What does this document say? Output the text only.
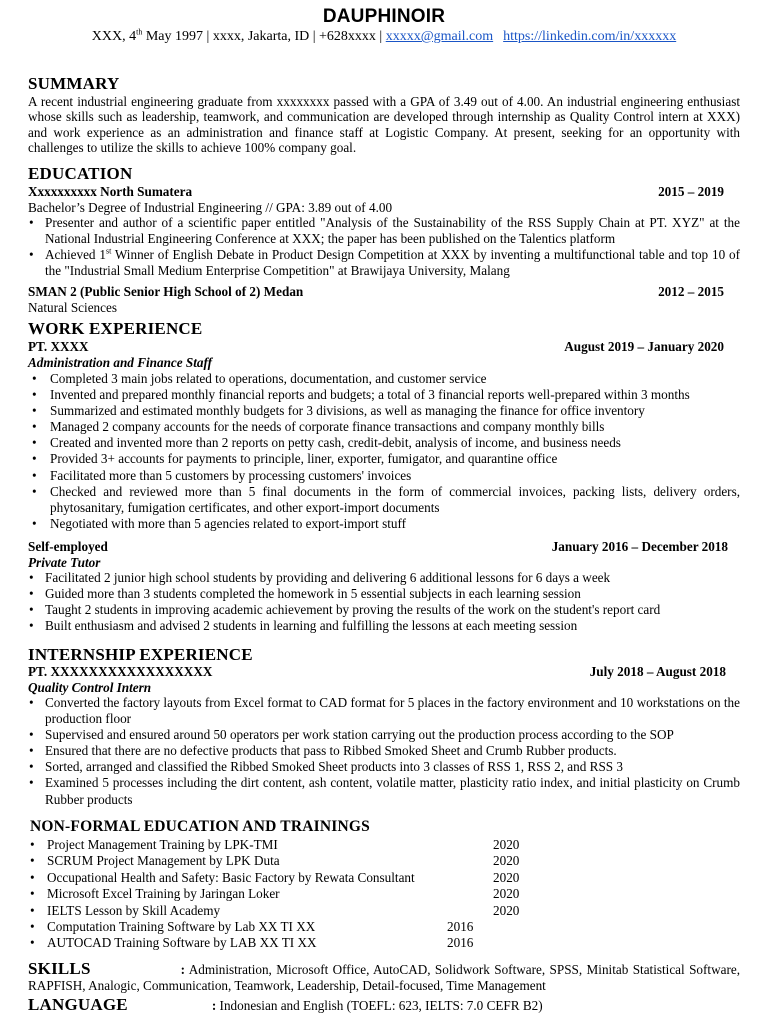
DAUPHINOIR
XXX, 4th May 1997 | xxxx, Jakarta, ID | +628xxxx | xxxxx@gmail.com https://linkedin.com/in/xxxxxx
SUMMARY
A recent industrial engineering graduate from xxxxxxxx passed with a GPA of 3.49 out of 4.00. An industrial engineering enthusiast whose skills such as leadership, teamwork, and communication are developed through internship as Quality Control intern at XXX) and work experience as an administration and finance staff at Logistic Company. At present, seeking for an opportunity with challenges to utilize the skills to achieve 100% company goal.
EDUCATION
Xxxxxxxxxx North Sumatera	2015 – 2019
Bachelor’s Degree of Industrial Engineering // GPA: 3.89 out of 4.00
• Presenter and author of a scientific paper entitled "Analysis of the Sustainability of the RSS Supply Chain at PT. XYZ" at the National Industrial Engineering Conference at XXX; the paper has been published on the Talentics platform
• Achieved 1st Winner of English Debate in Product Design Competition at XXX by inventing a multifunctional table and top 10 of the "Industrial Small Medium Enterprise Competition" at Brawijaya University, Malang
SMAN 2 (Public Senior High School of 2) Medan	2012 – 2015
Natural Sciences
WORK EXPERIENCE
PT. XXXX	August 2019 – January 2020
Administration and Finance Staff
• Completed 3 main jobs related to operations, documentation, and customer service
• Invented and prepared monthly financial reports and budgets; a total of 3 financial reports well-prepared within 3 months
• Summarized and estimated monthly budgets for 3 divisions, as well as managing the finance for office inventory
• Managed 2 company accounts for the needs of corporate finance transactions and company monthly bills
• Created and invented more than 2 reports on petty cash, credit-debit, analysis of income, and business needs
• Provided 3+ accounts for payments to principle, liner, exporter, fumigator, and quarantine office
• Facilitated more than 5 customers by processing customers' invoices
• Checked and reviewed more than 5 final documents in the form of commercial invoices, packing lists, delivery orders, phytosanitary, fumigation certificates, and other export-import documents
• Negotiated with more than 5 agencies related to export-import stuff
Self-employed	January 2016 – December 2018
Private Tutor
• Facilitated 2 junior high school students by providing and delivering 6 additional lessons for 6 days a week
• Guided more than 3 students completed the homework in 5 essential subjects in each learning session
• Taught 2 students in improving academic achievement by proving the results of the work on the student's report card
• Built enthusiasm and advised 2 students in learning and fulfilling the lessons at each meeting session
INTERNSHIP EXPERIENCE
PT. XXXXXXXXXXXXXXXXX	July 2018 – August 2018
Quality Control Intern
• Converted the factory layouts from Excel format to CAD format for 5 places in the factory environment and 10 workstations on the production floor
• Supervised and ensured around 50 operators per work station carrying out the production process according to the SOP
• Ensured that there are no defective products that pass to Ribbed Smoked Sheet and Crumb Rubber products.
• Sorted, arranged and classified the Ribbed Smoked Sheet products into 3 classes of RSS 1, RSS 2, and RSS 3
• Examined 5 processes including the dirt content, ash content, volatile matter, plasticity ratio index, and initial plasticity on Crumb Rubber products
NON-FORMAL EDUCATION AND TRAININGS
• Project Management Training by LPK-TMI	2020
• SCRUM Project Management by LPK Duta	2020
• Occupational Health and Safety: Basic Factory by Rewata Consultant	2020
• Microsoft Excel Training by Jaringan Loker	2020
• IELTS Lesson by Skill Academy	2020
• Computation Training Software by Lab XX TI XX	2016
• AUTOCAD Training Software by LAB XX TI XX	2016
SKILLS	: Administration, Microsoft Office, AutoCAD, Solidwork Software, SPSS, Minitab Statistical Software, RAPFISH, Analogic, Communication, Teamwork, Leadership, Detail-focused, Time Management
LANGUAGE	: Indonesian and English (TOEFL: 623, IELTS: 7.0 CEFR B2)
